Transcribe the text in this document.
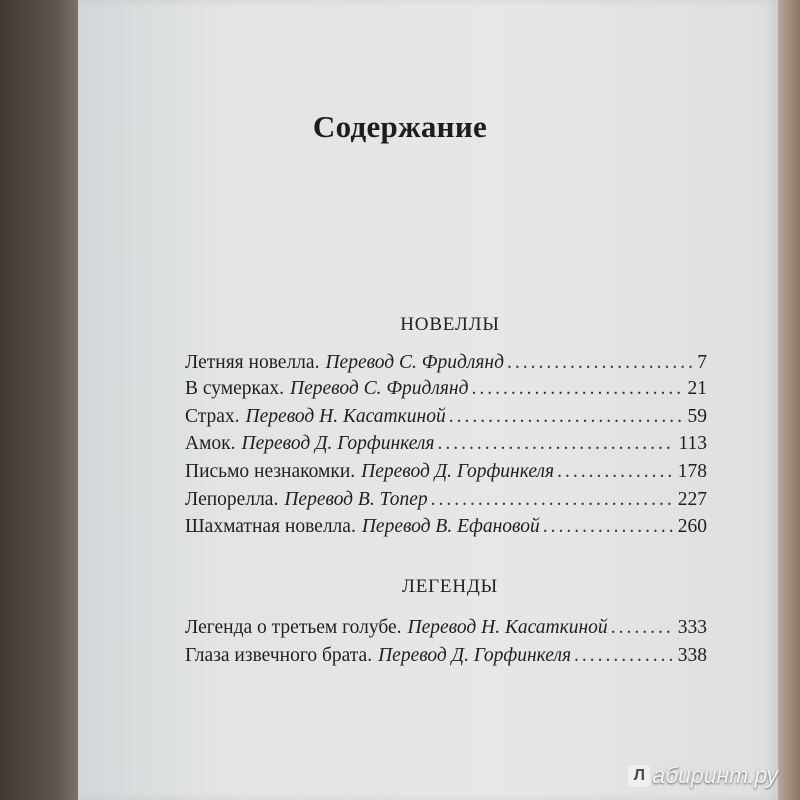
Содержание
НОВЕЛЛЫ
Летняя новелла. Перевод С. Фридлянд .....	7
В сумерках. Перевод С. Фридлянд .....	21
Страх. Перевод Н. Касаткиной .....	59
Амок. Перевод Д. Горфинкеля .....	113
Письмо незнакомки. Перевод Д. Горфинкеля .....	178
Лепорелла. Перевод В. Топер .....	227
Шахматная новелла. Перевод В. Ефановой .....	260
ЛЕГЕНДЫ
Легенда о третьем голубе. Перевод Н. Касаткиной .....	333
Глаза извечного брата. Перевод Д. Горфинкеля .....	338
Л абиринт.ру
